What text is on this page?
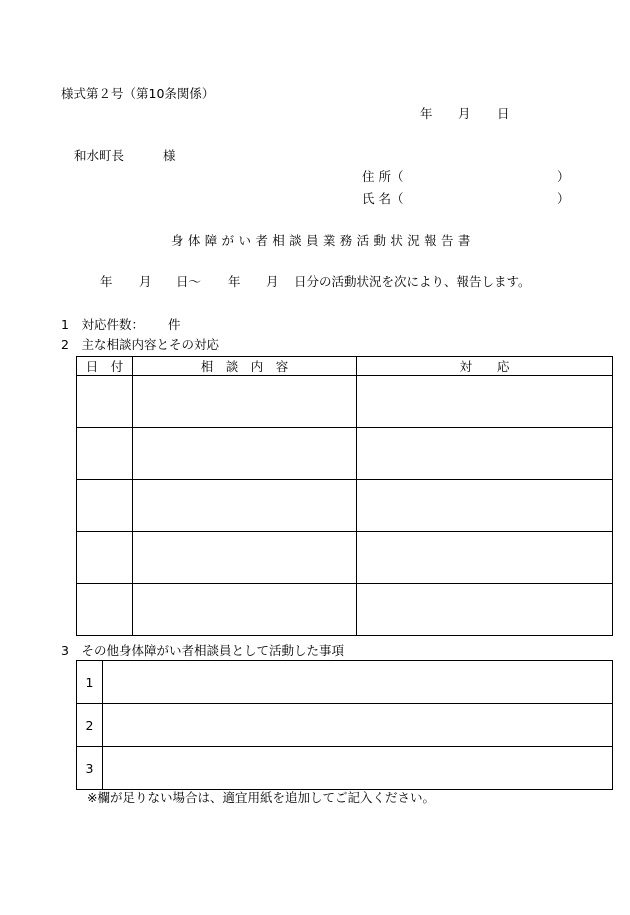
様式第２号（第10条関係）
年 月 日
和水町長	様
住 所（	）
氏 名（	）
身体障がい者相談員業務活動状況報告書
年 月 日～ 年 月 日分の活動状況を次により、報告します。
1　対応件数： 件
2　主な相談内容とその対応
日　付	相　談　内　容	対　　応

3　その他身体障がい者相談員として活動した事項
1	
2	
3	
※欄が足りない場合は、適宜用紙を追加してご記入ください。
